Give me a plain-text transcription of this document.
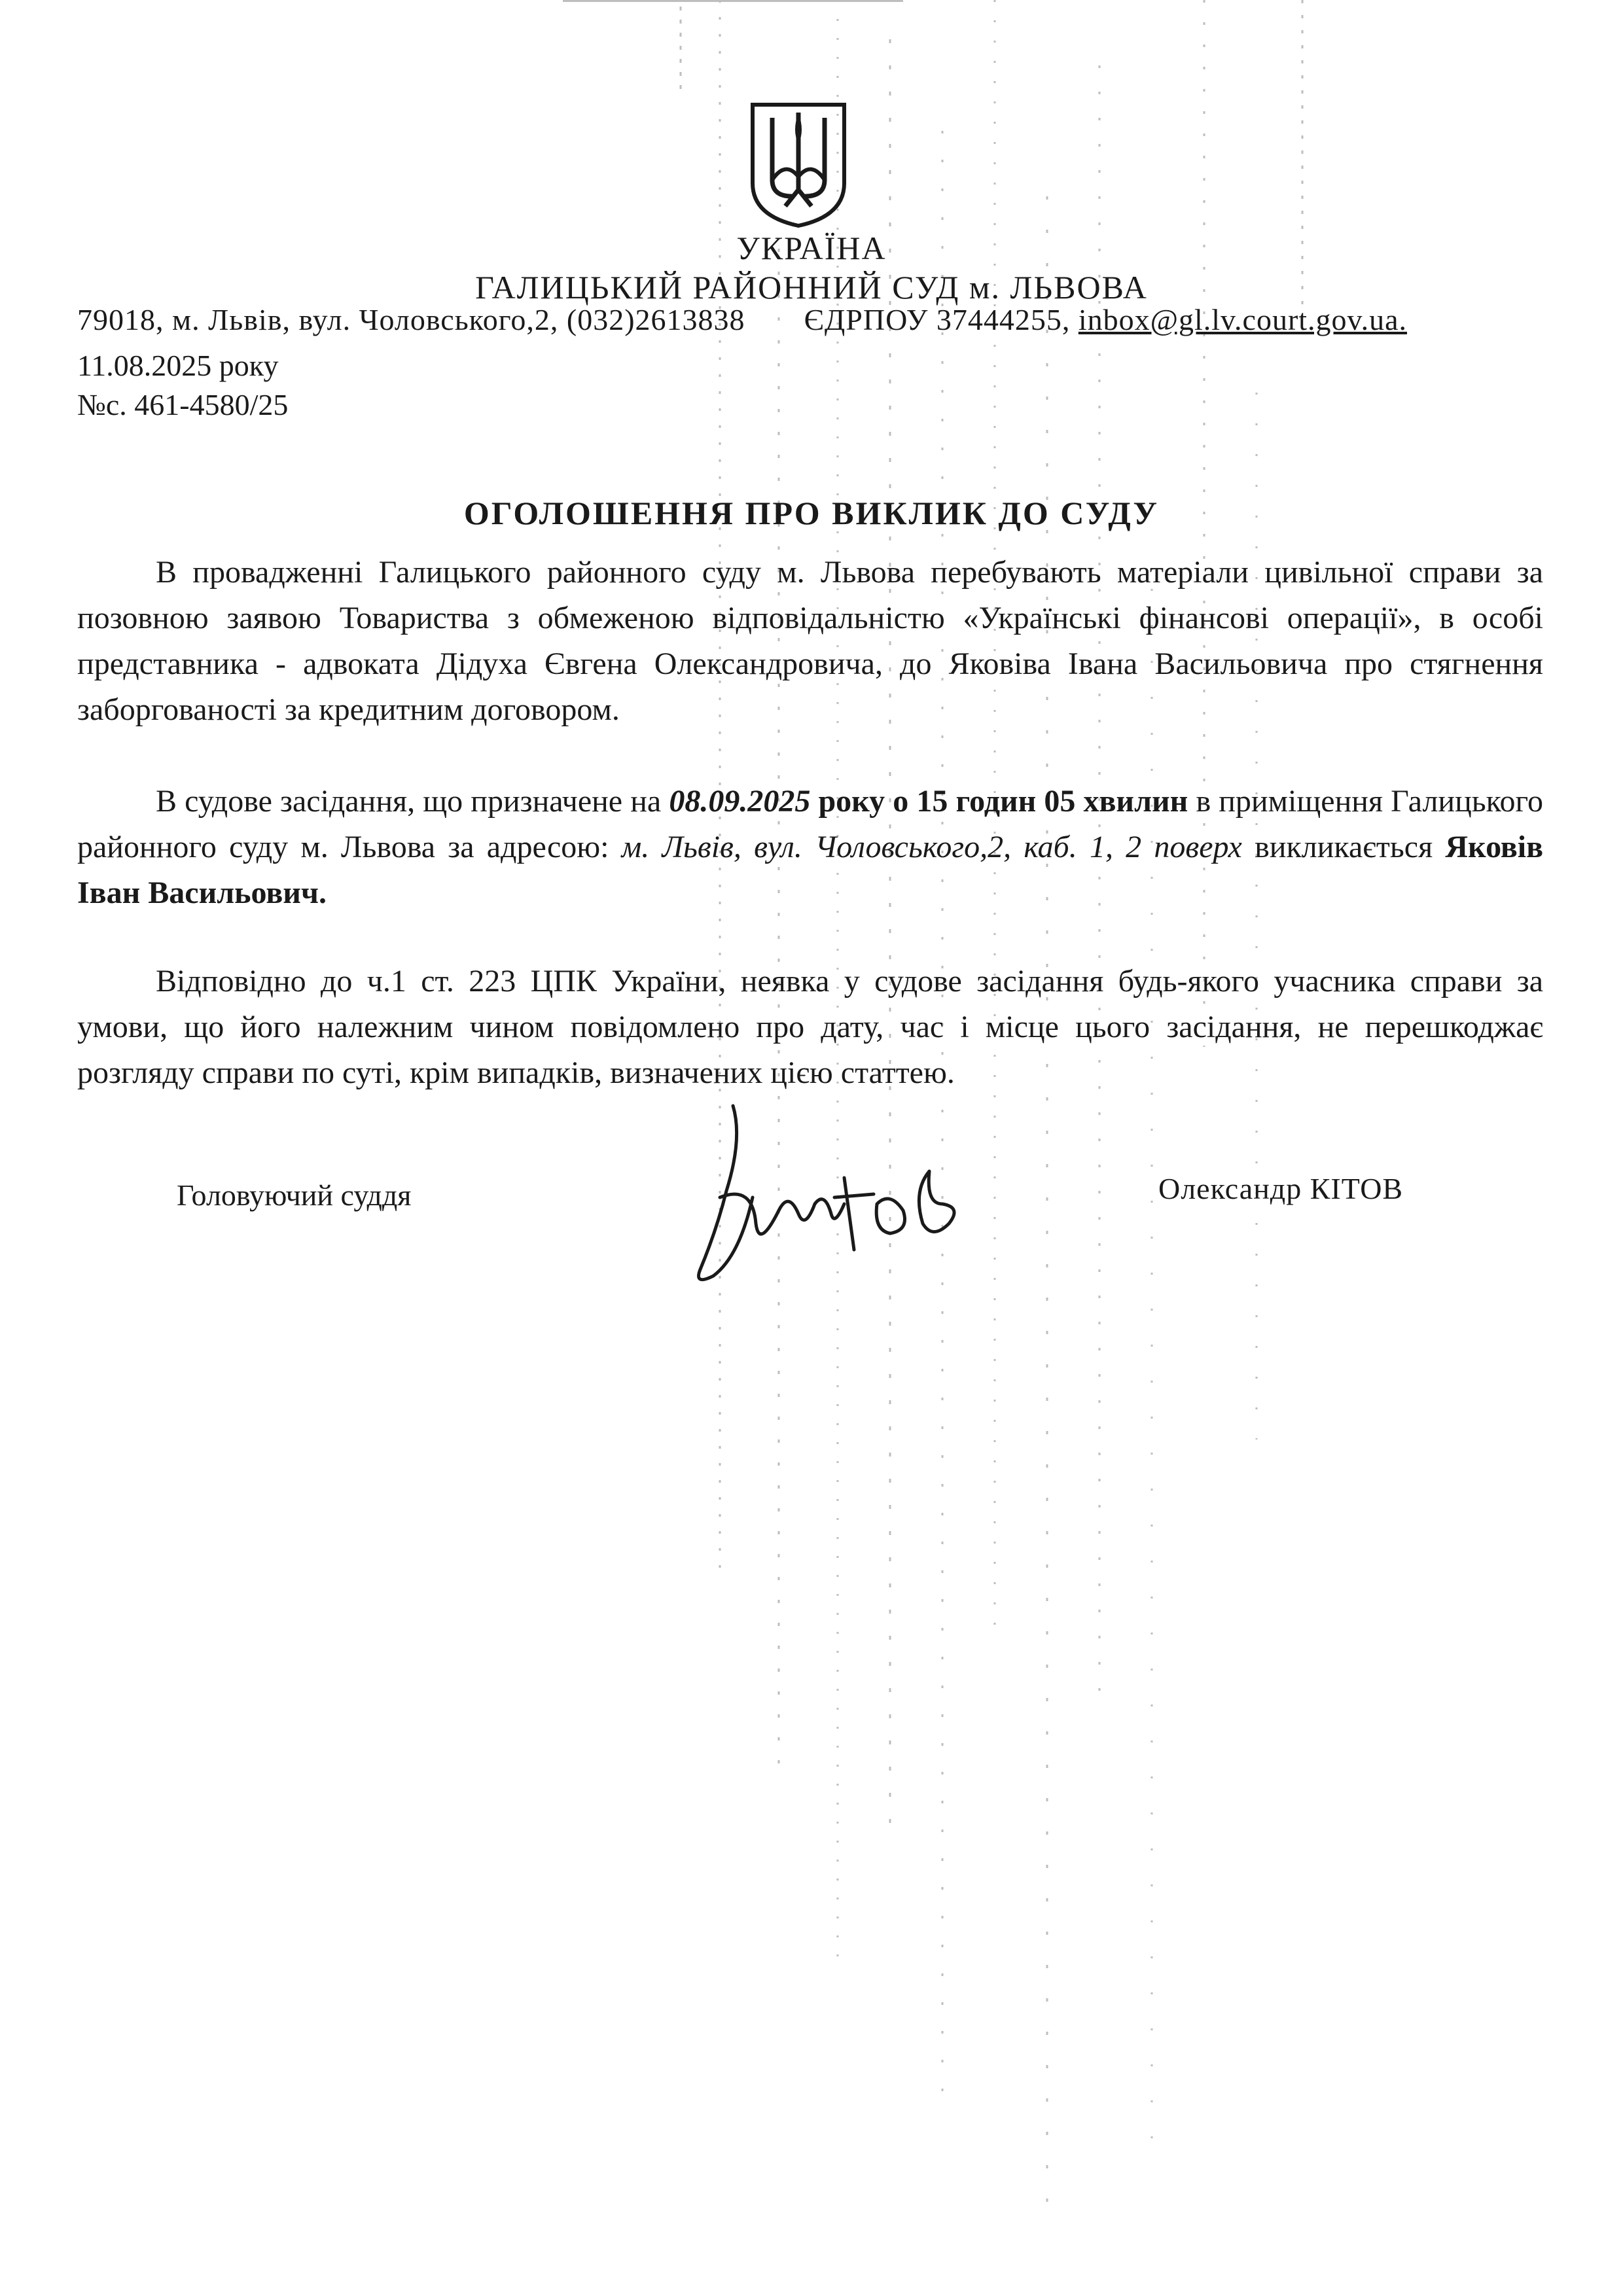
УКРАЇНА
ГАЛИЦЬКИЙ РАЙОННИЙ СУД м. ЛЬВОВА
79018, м. Львів, вул. Чоловського,2, (032)2613838 ЄДРПОУ 37444255, inbox@gl.lv.court.gov.ua.
11.08.2025 року
№с. 461-4580/25
ОГОЛОШЕННЯ ПРО ВИКЛИК ДО СУДУ
В провадженні Галицького районного суду м. Львова перебувають матеріали цивільної справи за позовною заявою Товариства з обмеженою відповідальністю «Українські фінансові операції», в особі представника - адвоката Дідуха Євгена Олександровича, до Яковіва Івана Васильовича про стягнення заборгованості за кредитним договором.
В судове засідання, що призначене на 08.09.2025 року о 15 годин 05 хвилин в приміщення Галицького районного суду м. Львова за адресою: м. Львів, вул. Чоловського,2, каб. 1, 2 поверх викликається Яковів Іван Васильович.
Відповідно до ч.1 ст. 223 ЦПК України, неявка у судове засідання будь-якого учасника справи за умови, що його належним чином повідомлено про дату, час і місце цього засідання, не перешкоджає розгляду справи по суті, крім випадків, визначених цією статтею.
Головуючий суддя	Олександр КІТОВ
